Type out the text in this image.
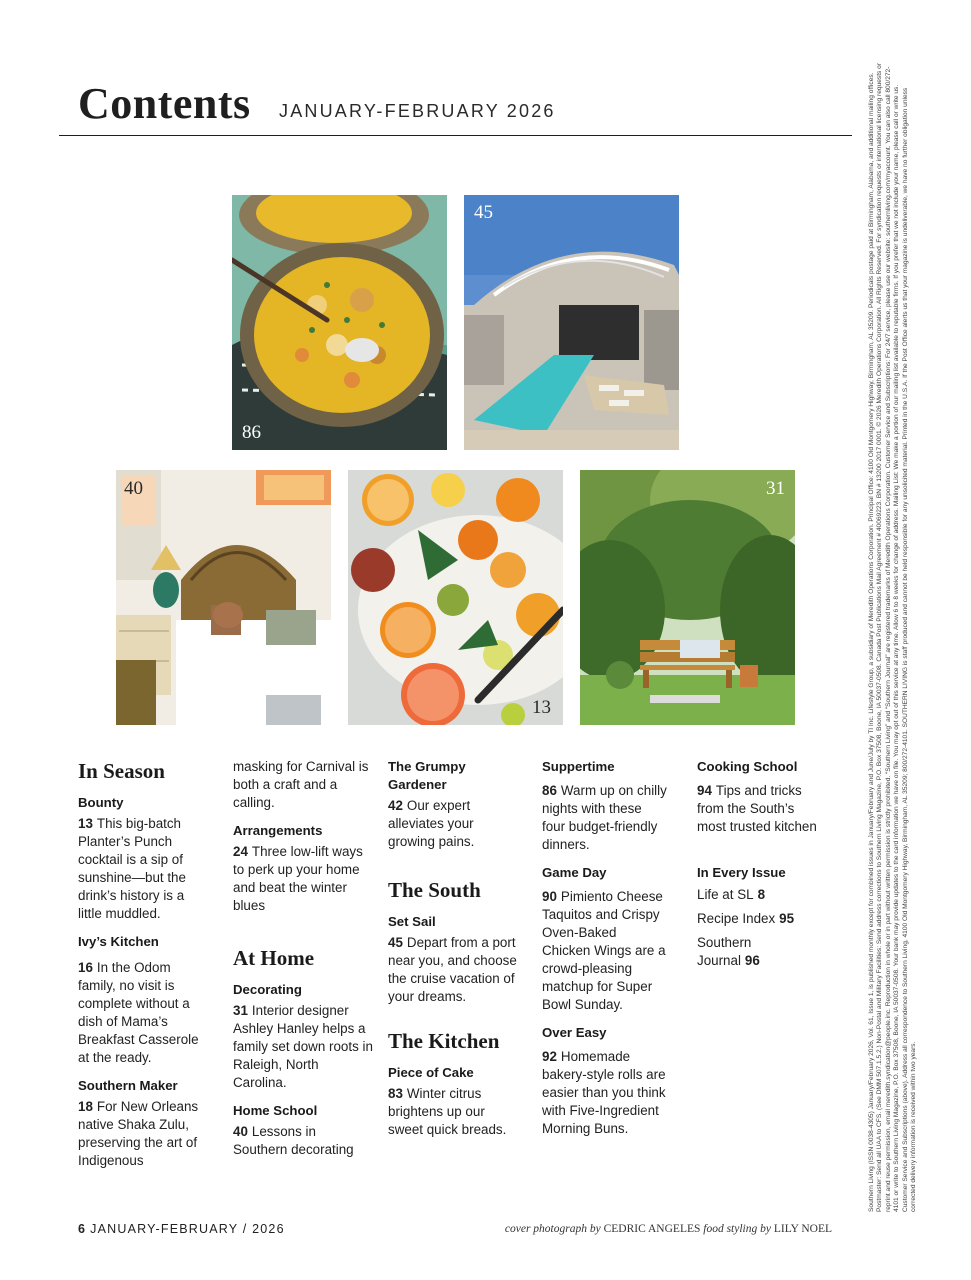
Contents JANUARY-FEBRUARY 2026
86
45
40
13
31
In Season
Bounty
13 This big-batch Planter’s Punch cocktail is a sip of sunshine—but the drink’s history is a little muddled.
Ivy’s Kitchen
16 In the Odom family, no visit is complete without a dish of Mama’s Breakfast Casserole at the ready.
Southern Maker
18 For New Orleans native Shaka Zulu, preserving the art of Indigenous
masking for Carnival is both a craft and a calling.
Arrangements
24 Three low-lift ways to perk up your home and beat the winter blues
At Home
Decorating
31 Interior designer Ashley Hanley helps a family set down roots in Raleigh, North Carolina.
Home School
40 Lessons in Southern decorating
The Grumpy Gardener
42 Our expert alleviates your growing pains.
The South
Set Sail
45 Depart from a port near you, and choose the cruise vacation of your dreams.
The Kitchen
Piece of Cake
83 Winter citrus brightens up our sweet quick breads.
Suppertime
86 Warm up on chilly nights with these four budget-friendly dinners.
Game Day
90 Pimiento Cheese Taquitos and Crispy Oven-Baked Chicken Wings are a crowd-pleasing matchup for Super Bowl Sunday.
Over Easy
92 Homemade bakery-style rolls are easier than you think with Five-Ingredient Morning Buns.
Cooking School
94 Tips and tricks from the South’s most trusted kitchen
In Every Issue
Life at SL 8
Recipe Index 95
Southern Journal 96
6 JANUARY-FEBRUARY / 2026	cover photograph by CEDRIC ANGELES food styling by LILY NOEL
Southern Living (ISSN 0038-4305) January/February 2026, Vol. 61, Issue 1, is published monthly except for combined issues in January/February and June/July by TI Inc. Lifestyle Group, a subsidiary of Meredith Operations Corporation. Principal Office: 4100 Old Montgomery Highway, Birmingham, AL 35209. Periodicals postage paid at Birmingham, Alabama, and additional mailing offices. Postmaster: Send all UAA to CFS. (See DMM 507.1.5.2.) Non-Postal and Military Facilities: Send address corrections to Southern Living Magazine, P.O. Box 37508, Boone, IA 50037-0508. Canada Post Publications Mail Agreement # 40069223. BN # 13200 2017 0001. © 2026 Meredith Operations Corporation. All Rights Reserved. For syndication requests or international licensing requests or reprint and reuse permission, email meredith.syndication@people.inc. Reproduction in whole or in part without written permission is strictly prohibited. “Southern Living” and “Southern Journal” are registered trademarks of Meredith Operations Corporation. Customer Service and Subscriptions: For 24/7 service, please use our website: southernliving.com/myaccount. You can also call 800/272-4101 or write to Southern Living Magazine, P.O. Box 37508, Boone, IA 50037-0508. Your bank may provide updates to the card information we have on file. You may opt out of this service at any time. Allow 6 to 8 weeks for change of address. Mailing List: We make a portion of our mailing list available to reputable firms. If you prefer that we not include your name, please call or write us. Customer Service and Subscriptions (above). Address all correspondence to Southern Living, 4100 Old Montgomery Highway, Birmingham, AL 35209; 800/272-4101. SOUTHERN LIVING is staff produced and cannot be held responsible for any unsolicited material. Printed in the U.S.A. If the Post Office alerts us that your magazine is undeliverable, we have no further obligation unless corrected delivery information is received within two years.
